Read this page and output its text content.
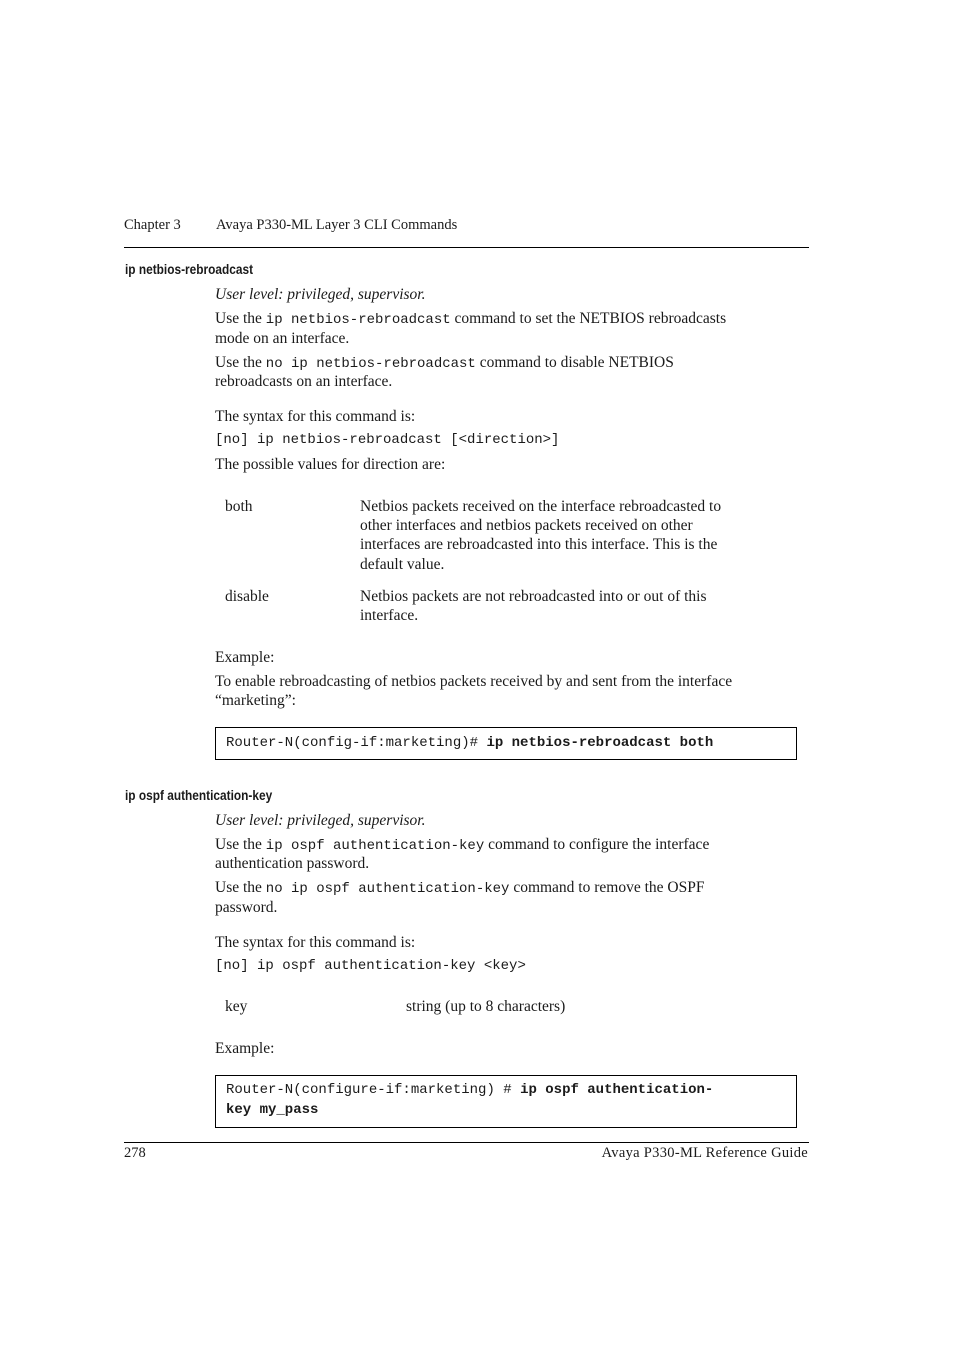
Chapter 3 Avaya P330-ML Layer 3 CLI Commands
ip netbios-rebroadcast
User level: privileged, supervisor.
Use the ip netbios-rebroadcast command to set the NETBIOS rebroadcasts
mode on an interface.
Use the no ip netbios-rebroadcast command to disable NETBIOS
rebroadcasts on an interface.
The syntax for this command is:
[no] ip netbios-rebroadcast [<direction>]
The possible values for direction are:
both	Netbios packets received on the interface rebroadcasted to
other interfaces and netbios packets received on other
interfaces are rebroadcasted into this interface. This is the
default value.
disable	Netbios packets are not rebroadcasted into or out of this
interface.
Example:
To enable rebroadcasting of netbios packets received by and sent from the interface
“marketing”:
Router-N(config-if:marketing)# ip netbios-rebroadcast both
ip ospf authentication-key
User level: privileged, supervisor.
Use the ip ospf authentication-key command to configure the interface
authentication password.
Use the no ip ospf authentication-key command to remove the OSPF
password.
The syntax for this command is:
[no] ip ospf authentication-key <key>
key	string (up to 8 characters)
Example:
Router-N(configure-if:marketing) # ip ospf authentication-
key my_pass
278	Avaya P330-ML Reference Guide
